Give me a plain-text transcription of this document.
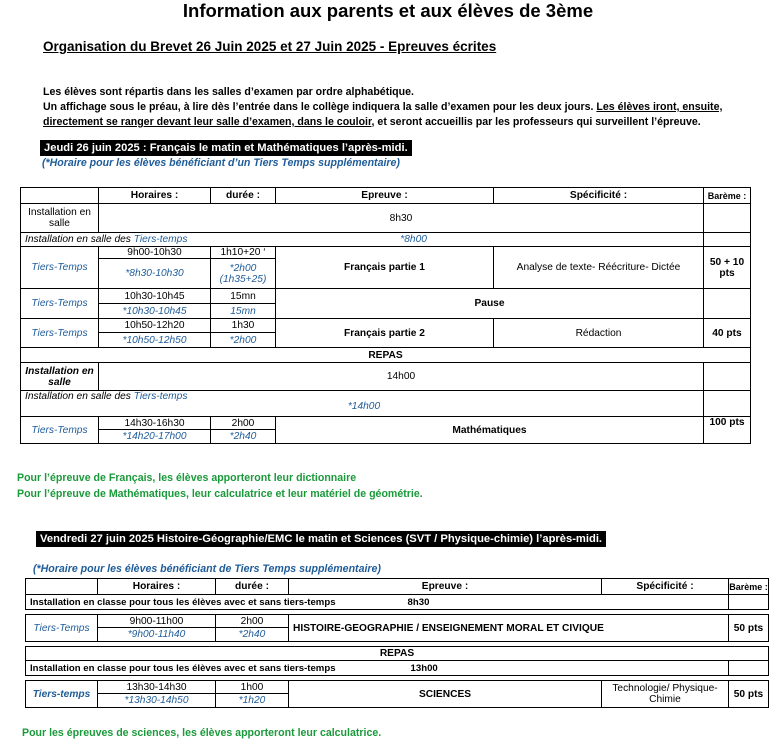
Information aux parents et aux élèves de 3ème
Organisation du Brevet 26 Juin 2025 et 27 Juin 2025 - Epreuves écrites
Les élèves sont répartis dans les salles d’examen par ordre alphabétique.
Un affichage sous le préau, à lire dès l’entrée dans le collège indiquera la salle d’examen pour les deux jours. Les élèves iront, ensuite,
directement se ranger devant leur salle d’examen, dans le couloir, et seront accueillis par les professeurs qui surveillent l’épreuve.
Jeudi 26 juin 2025 : Français le matin et Mathématiques l’après-midi.
(*Horaire pour les élèves bénéficiant d’un Tiers Temps supplémentaire)
	Horaires :	durée :	Epreuve :	Spécificité :	Barème :
Installation en salle	8h30				
Installation en salle des Tiers-temps *8h00					
Tiers-Temps	9h00-10h30	1h10+20 ‘	Français partie 1	Analyse de texte- Réécriture- Dictée	50 + 10 pts
	*8h30-10h30	*2h00
(1h35+25)			

Tiers-Temps	10h30-10h45	15mn	Pause		
	*10h30-10h45	15mn			
Tiers-Temps	10h50-12h20	1h30	Français partie 2	Rédaction	40 pts
	*10h50-12h50	*2h00			
REPAS					
Installation en salle	14h00				
Installation en salle des Tiers-temps
*14h00					

Tiers-Temps	14h30-16h30	2h00	Mathématiques		100 pts
	*14h20-17h00	*2h40			
Pour l’épreuve de Français, les élèves apporteront leur dictionnaire
Pour l’épreuve de Mathématiques, leur calculatrice et leur matériel de géométrie.
Vendredi 27 juin 2025 Histoire-Géographie/EMC le matin et Sciences (SVT / Physique-chimie) l’après-midi.
(*Horaire pour les élèves bénéficiant de Tiers Temps supplémentaire)
	Horaires :	durée :	Epreuve :	Spécificité :	Barème :
Installation en classe pour tous les élèves avec et sans tiers-temps 8h30					

Tiers-Temps	9h00-11h00	2h00	HISTOIRE-GEOGRAPHIE / ENSEIGNEMENT MORAL ET CIVIQUE		50 pts
	*9h00-11h40	*2h40			

REPAS					
Installation en classe pour tous les élèves avec et sans tiers-temps 13h00					

Tiers-temps	13h30-14h30	1h00	SCIENCES	Technologie/ Physique-Chimie	50 pts
	*13h30-14h50	*1h20			
Pour les épreuves de sciences, les élèves apporteront leur calculatrice.
